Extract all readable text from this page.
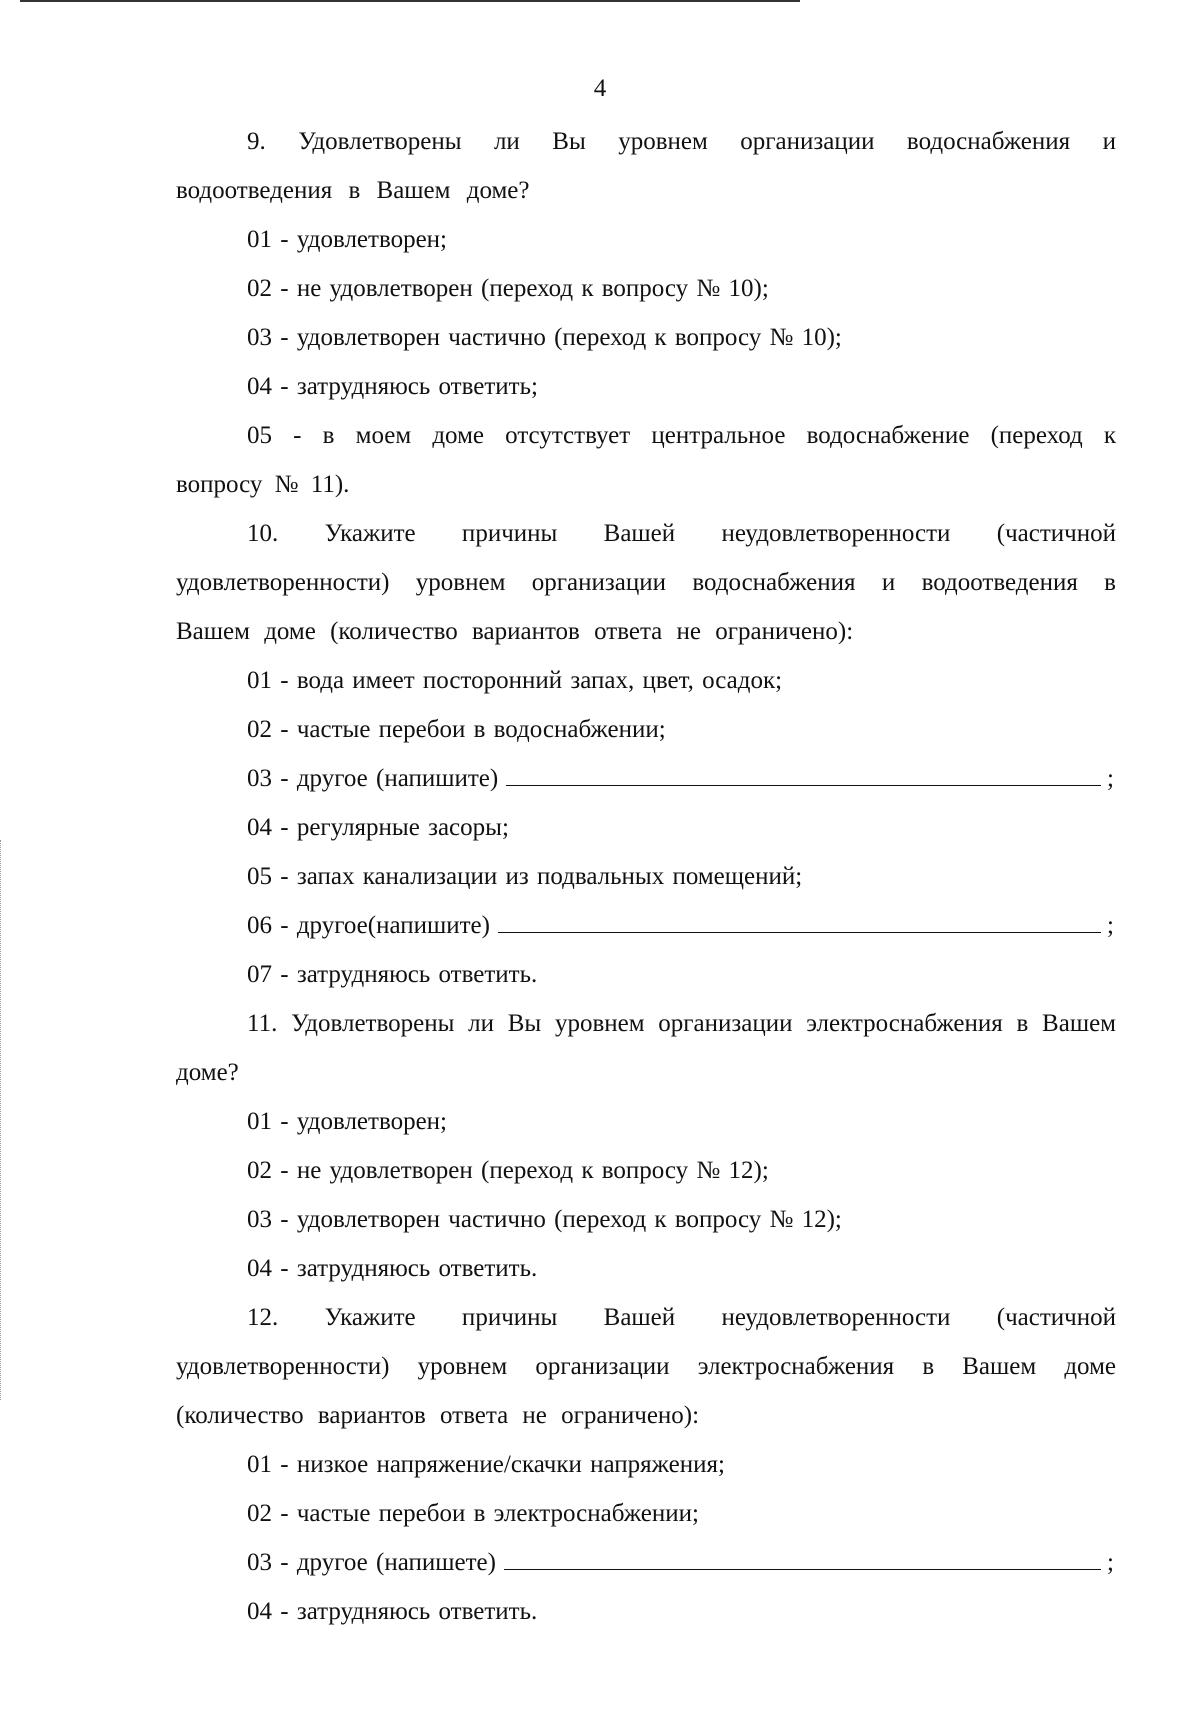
4

9. Удовлетворены ли Вы уровнем организации водоснабжения и водоотведения в Вашем доме?

01 - удовлетворен;

02 - не удовлетворен (переход к вопросу № 10);

03 - удовлетворен частично (переход к вопросу № 10);

04 - затрудняюсь ответить;

05 - в моем доме отсутствует центральное водоснабжение (переход к вопросу № 11).

10. Укажите причины Вашей неудовлетворенности (частичной удовлетворенности) уровнем организации водоснабжения и водоотведения в Вашем доме (количество вариантов ответа не ограничено):

01 - вода имеет посторонний запах, цвет, осадок;

02 - частые перебои в водоснабжении;

03 - другое (напишите)	;

04 - регулярные засоры;

05 - запах канализации из подвальных помещений;

06 - другое(напишите)	;

07 - затрудняюсь ответить.

11. Удовлетворены ли Вы уровнем организации электроснабжения в Вашем доме?

01 - удовлетворен;

02 - не удовлетворен (переход к вопросу № 12);

03 - удовлетворен частично (переход к вопросу № 12);

04 - затрудняюсь ответить.

12. Укажите причины Вашей неудовлетворенности (частичной удовлетворенности) уровнем организации электроснабжения в Вашем доме (количество вариантов ответа не ограничено):

01 - низкое напряжение/скачки напряжения;

02 - частые перебои в электроснабжении;

03 - другое (напишете)	;

04 - затрудняюсь ответить.
